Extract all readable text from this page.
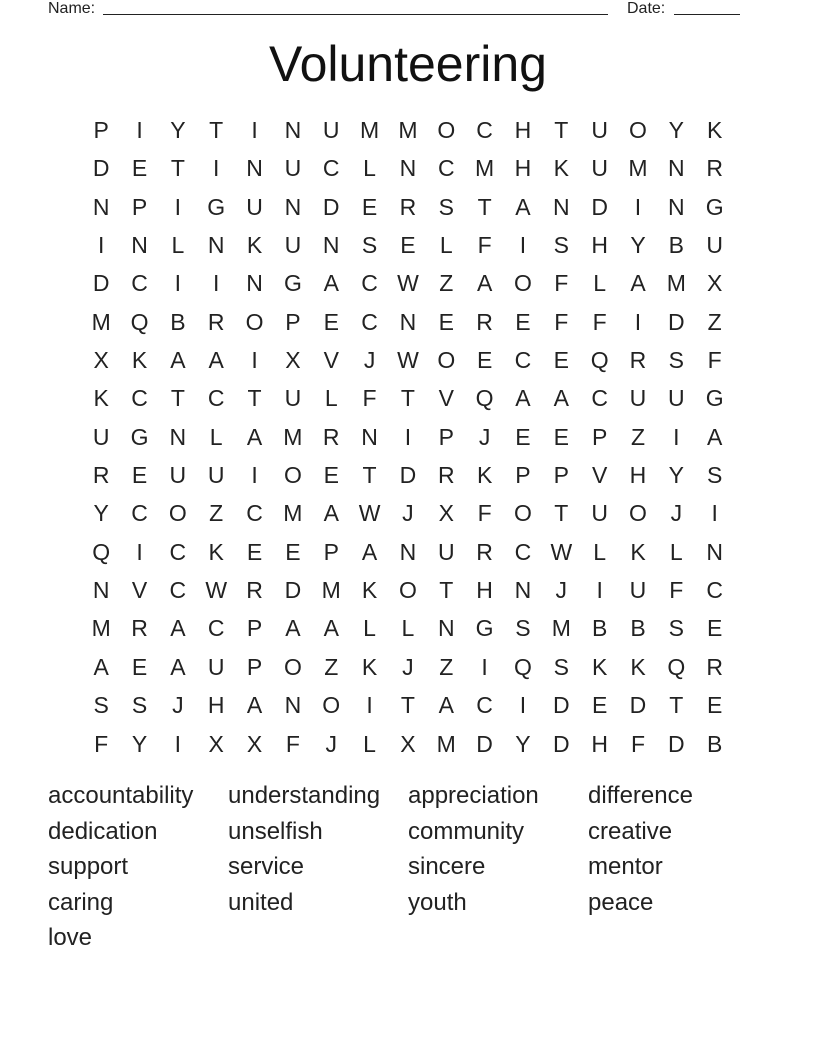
Name:	Date:
Volunteering
P	I	Y	T	I	N U M M O C H	T	U O Y	K
D E	T	I	N U C	L	N C M H K U M N R
N P	I	G U N D E R S	T	A N D	I	N G
I	N	L	N K U N S	E	L	F	I	S H Y	B U
D C	I	I	N G A C W Z	A O F	L	A M X
M Q B R O P	E C N E R E	F	F	I	D	Z
X	K	A	A	I	X	V	J W O E C E Q R S	F
K C	T	C	T	U	L	F	T	V Q A	A C U U G
U G N	L	A M R N	I	P	J	E	E	P	Z	I	A
R E U U	I	O E	T	D R K	P	P	V H Y	S
Y C O Z	C M A W J	X	F O T	U O	J	I
Q	I	C K	E	E	P	A N U R C W L	K	L	N
N V C W R D M K O T	H N	J	I	U	F	C
M R A C P	A	A	L	L	N G S M B	B	S	E
A	E	A U P O Z	K	J	Z	I	Q S	K	K Q R
S	S	J	H A N O	I	T	A C	I	D E D	T	E
F	Y	I	X	X	F	J	L	X M D Y D H	F	D B
accountability	understanding	appreciation	difference
dedication	unselfish	community	creative
support	service	sincere	mentor
caring	united	youth	peace
love
